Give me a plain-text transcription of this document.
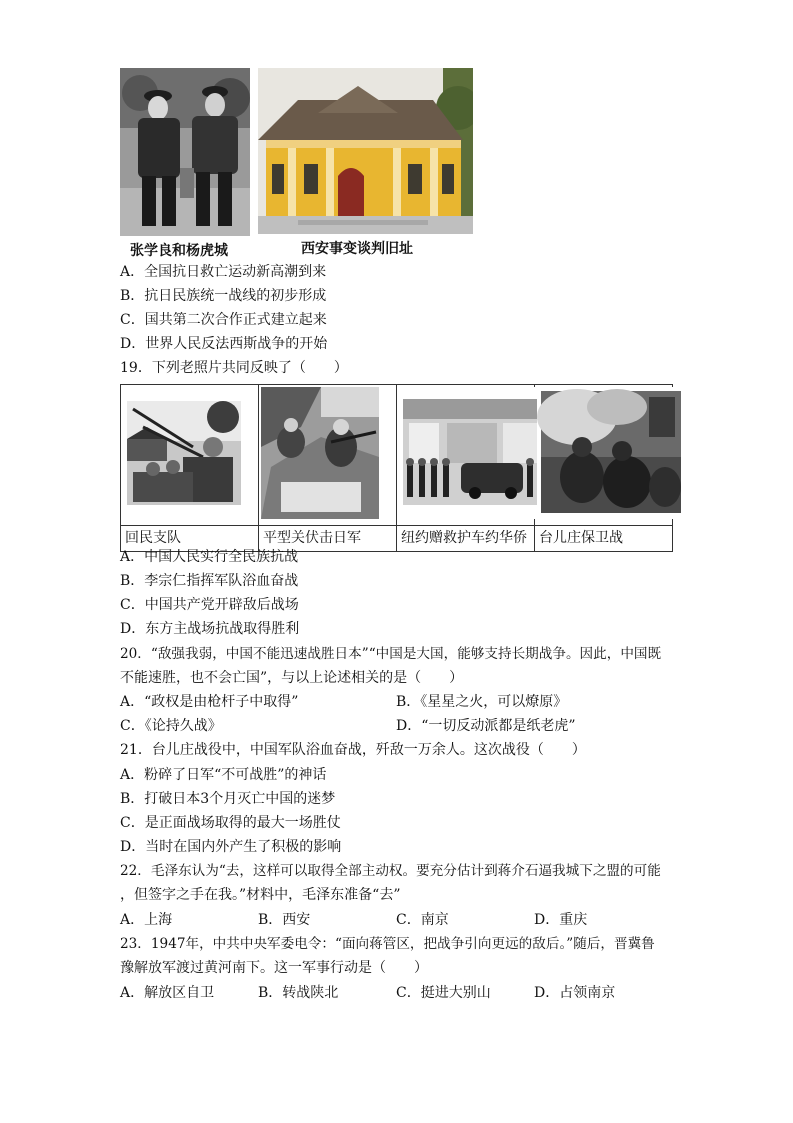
张学良和杨虎城	西安事变谈判旧址
A．全国抗日救亡运动新高潮到来
B．抗日民族统一战线的初步形成
C．国共第二次合作正式建立起来
D．世界人民反法西斯战争的开始
19．下列老照片共同反映了（　　）

回民支队	平型关伏击日军	纽约赠救护车约华侨	台儿庄保卫战
A．中国人民实行全民族抗战
B．李宗仁指挥军队浴血奋战
C．中国共产党开辟敌后战场
D．东方主战场抗战取得胜利
20．“敌强我弱，中国不能迅速战胜日本”“中国是大国，能够支持长期战争。因此，中国既
不能速胜，也不会亡国”，与以上论述相关的是（　　）
A．“政权是由枪杆子中取得”	B．《星星之火，可以燎原》
C．《论持久战》	D．“一切反动派都是纸老虎”
21．台儿庄战役中，中国军队浴血奋战，歼敌一万余人。这次战役（　　）
A．粉碎了日军“不可战胜”的神话
B．打破日本3个月灭亡中国的迷梦
C．是正面战场取得的最大一场胜仗
D．当时在国内外产生了积极的影响
22．毛泽东认为“去，这样可以取得全部主动权。要充分估计到蒋介石逼我城下之盟的可能
，但签字之手在我。”材料中，毛泽东准备“去”
A．上海	B．西安	C．南京	D．重庆
23．1947年，中共中央军委电令：“面向蒋管区，把战争引向更远的敌后。”随后，晋冀鲁
豫解放军渡过黄河南下。这一军事行动是（　　）
A．解放区自卫	B．转战陕北	C．挺进大别山	D．占领南京
